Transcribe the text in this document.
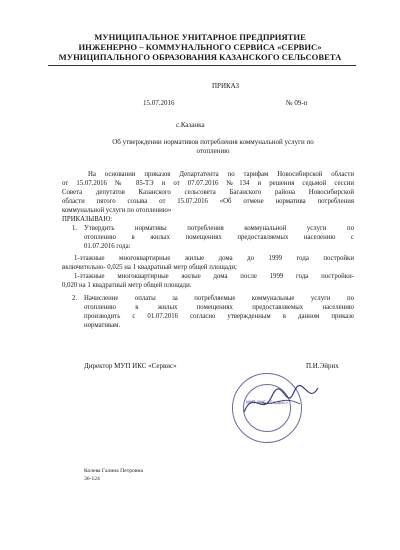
МУНИЦИПАЛЬНОЕ УНИТАРНОЕ ПРЕДПРИЯТИЕ
ИНЖЕНЕРНО – КОММУНАЛЬНОГО СЕРВИСА «СЕРВИС»
МУНИЦИПАЛЬНОГО ОБРАЗОВАНИЯ КАЗАНСКОГО СЕЛЬСОВЕТА
ПРИКАЗ
15.07.2016	№ 09-п
с.Казанка
Об утверждении нормативов потребления коммунальной услуги по
отоплению
На основании приказов Департатента по тарифам Новосибирской области
от 15.07.2016 № 85-ТЭ и от 07.07.2016 №134 и решения седьмой сессии
Совета депутатов Казанского сельсовета Баганского района Новосибирской
области пятого созыва от 15.07.2016 «Об отмене норматива потребления
коммунальной услуги по отоплению»
ПРИКАЗЫВАЮ:
1. Утвердить нормативы потребления коммунальной услуги по
отоплению в жилых помещениях предоставляемых населению с
01.07.2016 года:
1-этажные многоквартирные жилые дома до 1999 года постройки
включительно- 0,025 на 1 квадратный метр общей площади;
1-этажные многоквартирные жилые дома после 1999 года постройки-
0,020 на 1 квадратный метр общей площади.
2. Начисление оплаты за потребляемые коммунальные услуги по
отоплению в жилых помещениях предоставляемых населению
производить с 01.07.2016 согласно утвержденным в данном приказе
нормативам.
Директор МУП ИКС «Сервис»	П.И.Эйрих
МУП ИКС «Сервис»
Колева Галина Петровна
36-124
